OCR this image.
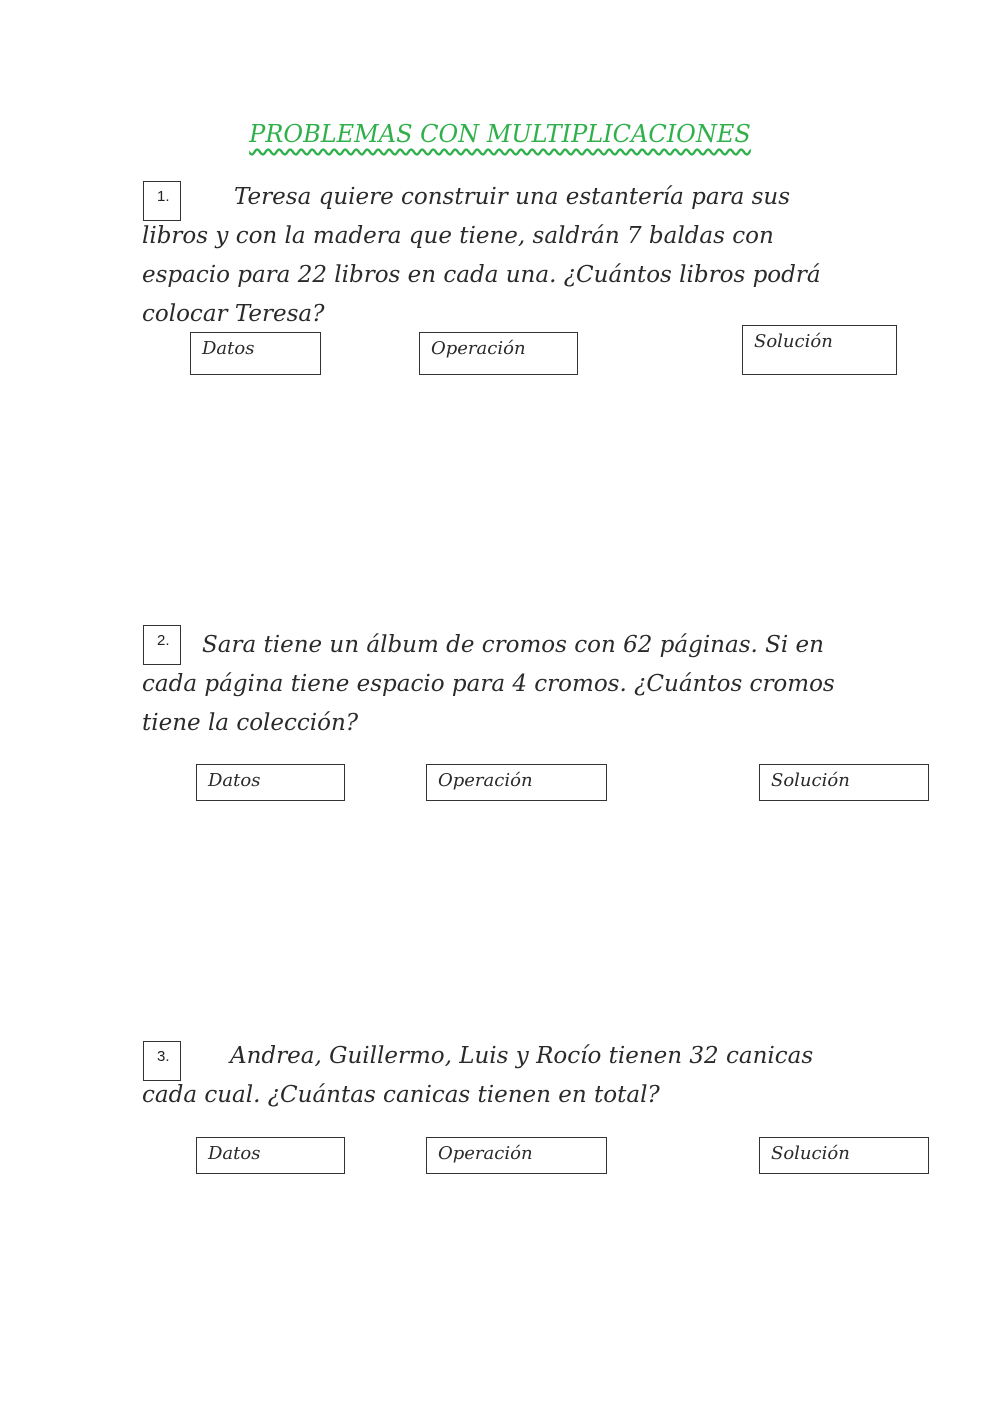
PROBLEMAS CON MULTIPLICACIONES
1.	Teresa quiere construir una estantería para sus libros y con la madera que tiene, saldrán 7 baldas con espacio para 22 libros en cada una. ¿Cuántos libros podrá colocar Teresa?

Datos	Operación	Solución
2.	Sara tiene un álbum de cromos con 62 páginas. Si en cada página tiene espacio para 4 cromos. ¿Cuántos cromos tiene la colección?

Datos	Operación	Solución
3.	Andrea, Guillermo, Luis y Rocío tienen 32 canicas cada cual. ¿Cuántas canicas tienen en total?

Datos	Operación	Solución
